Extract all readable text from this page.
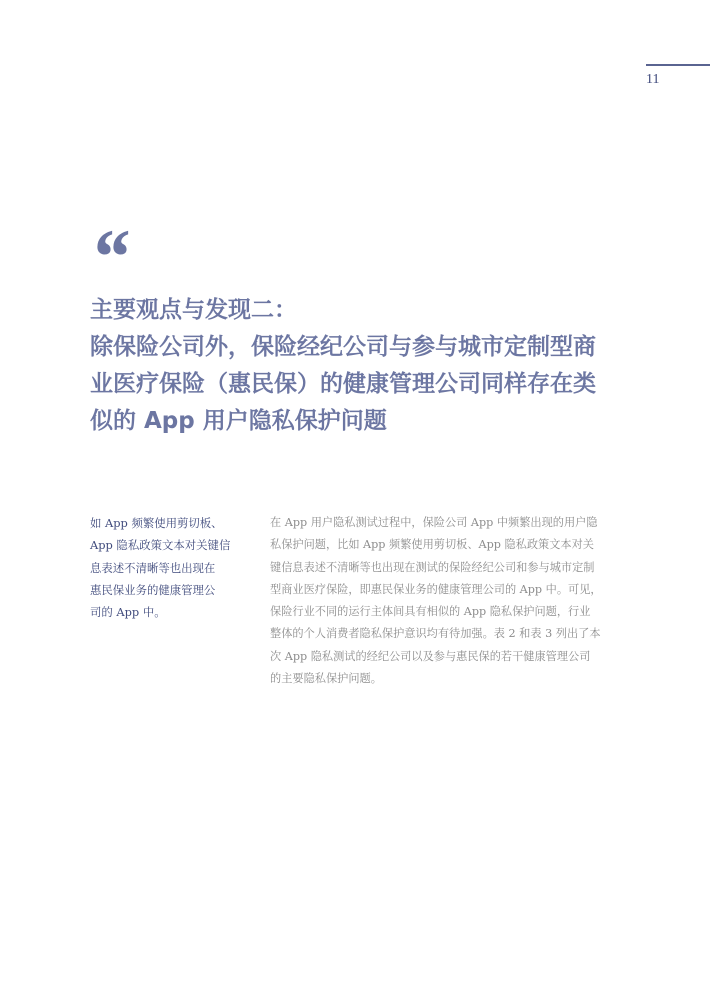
11
“
主要观点与发现二：
除保险公司外，保险经纪公司与参与城市定制型商
业医疗保险（惠民保）的健康管理公司同样存在类
似的 App 用户隐私保护问题
如 App 频繁使用剪切板、
App 隐私政策文本对关键信
息表述不清晰等也出现在
惠民保业务的健康管理公
司的 App 中。
在 App 用户隐私测试过程中，保险公司 App 中频繁出现的用户隐
私保护问题，比如 App 频繁使用剪切板、App 隐私政策文本对关
键信息表述不清晰等也出现在测试的保险经纪公司和参与城市定制
型商业医疗保险，即惠民保业务的健康管理公司的 App 中。可见，
保险行业不同的运行主体间具有相似的 App 隐私保护问题，行业
整体的个人消费者隐私保护意识均有待加强。表 2 和表 3 列出了本
次 App 隐私测试的经纪公司以及参与惠民保的若干健康管理公司
的主要隐私保护问题。
